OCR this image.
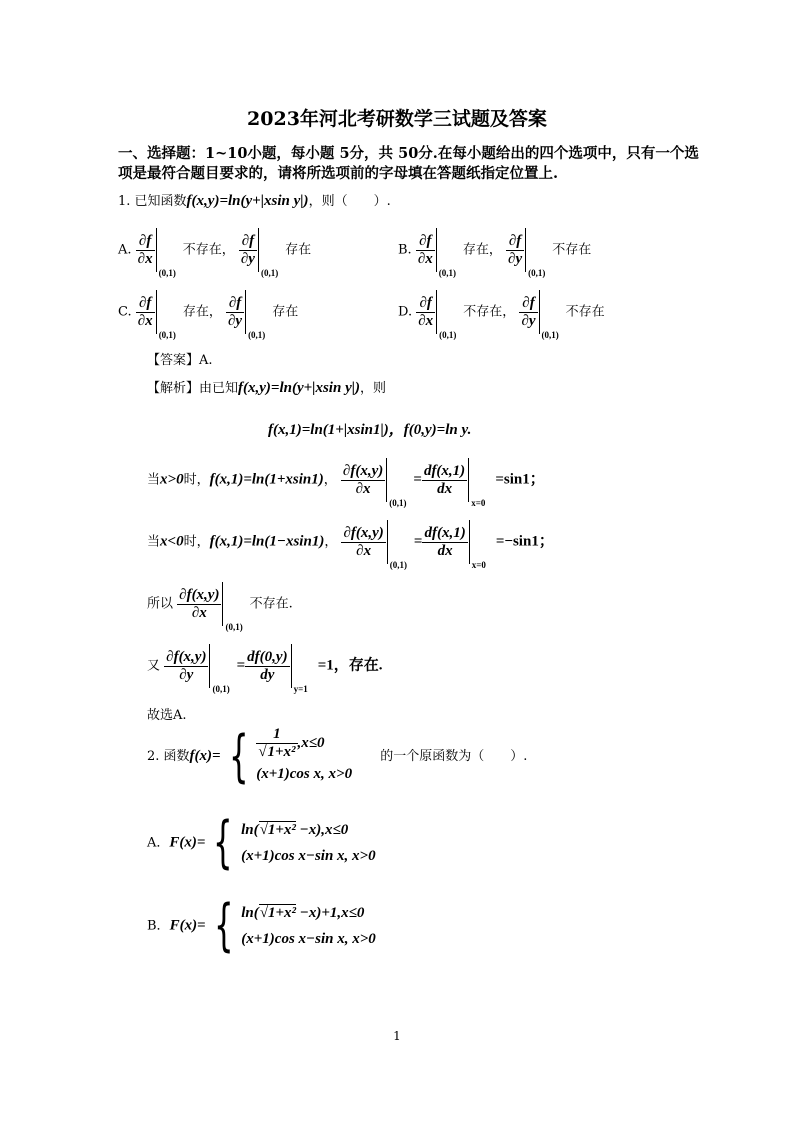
2023年河北考研数学三试题及答案
一、选择题：1~10小题，每小题 5分，共 50分.在每小题给出的四个选项中，只有一个选
项是最符合题目要求的，请将所选项前的字母填在答题纸指定位置上.
1. 已知函数f(x,y)=ln(y+|xsin y|)，则（　　）.
A. $\frac{\partial f}{\partial x}$
(0,1)
不存在， $\frac{\partial f}{\partial y}$
(0,1)
存在	B. $\frac{\partial f}{\partial x}$
(0,1)
存在， $\frac{\partial f}{\partial y}$
(0,1)
不存在
C. $\frac{\partial f}{\partial x}$
(0,1)
存在， $\frac{\partial f}{\partial y}$
(0,1)
存在	D. $\frac{\partial f}{\partial x}$
(0,1)
不存在， $\frac{\partial f}{\partial y}$
(0,1)
不存在
【答案】A.
【解析】由已知f(x,y)=ln(y+|xsin y|)，则
f(x,1)=ln(1+|xsin1|)，f(0,y)=ln y.
当x>0时，f(x,1)=ln(1+xsin1)， $\frac{\partial f(x,y)}{\partial x}$
(0,1)
= $\frac{df(x,1)}{dx}$
x=0
=sin1；
当x<0时，f(x,1)=ln(1−xsin1)， $\frac{\partial f(x,y)}{\partial x}$
(0,1)
= $\frac{df(x,1)}{dx}$
x=0
=−sin1；
所以 $\frac{\partial f(x,y)}{\partial x}$
(0,1)
不存在.
又 $\frac{\partial f(x,y)}{\partial y}$
(0,1)
= $\frac{df(0,y)}{dy}$
y=1
=1，存在.
故选A.
2. 函数f(x)= { $\frac{1}{\text{√1+x²}} ,x\le 0$
(x+1)cos x, x>0
的一个原函数为（　　）.
A．F(x)= { ln(√1+x² −x),x≤0
(x+1)cos x−sin x, x>0
B．F(x)= { ln(√1+x² −x)+1,x≤0
(x+1)cos x−sin x, x>0
1
